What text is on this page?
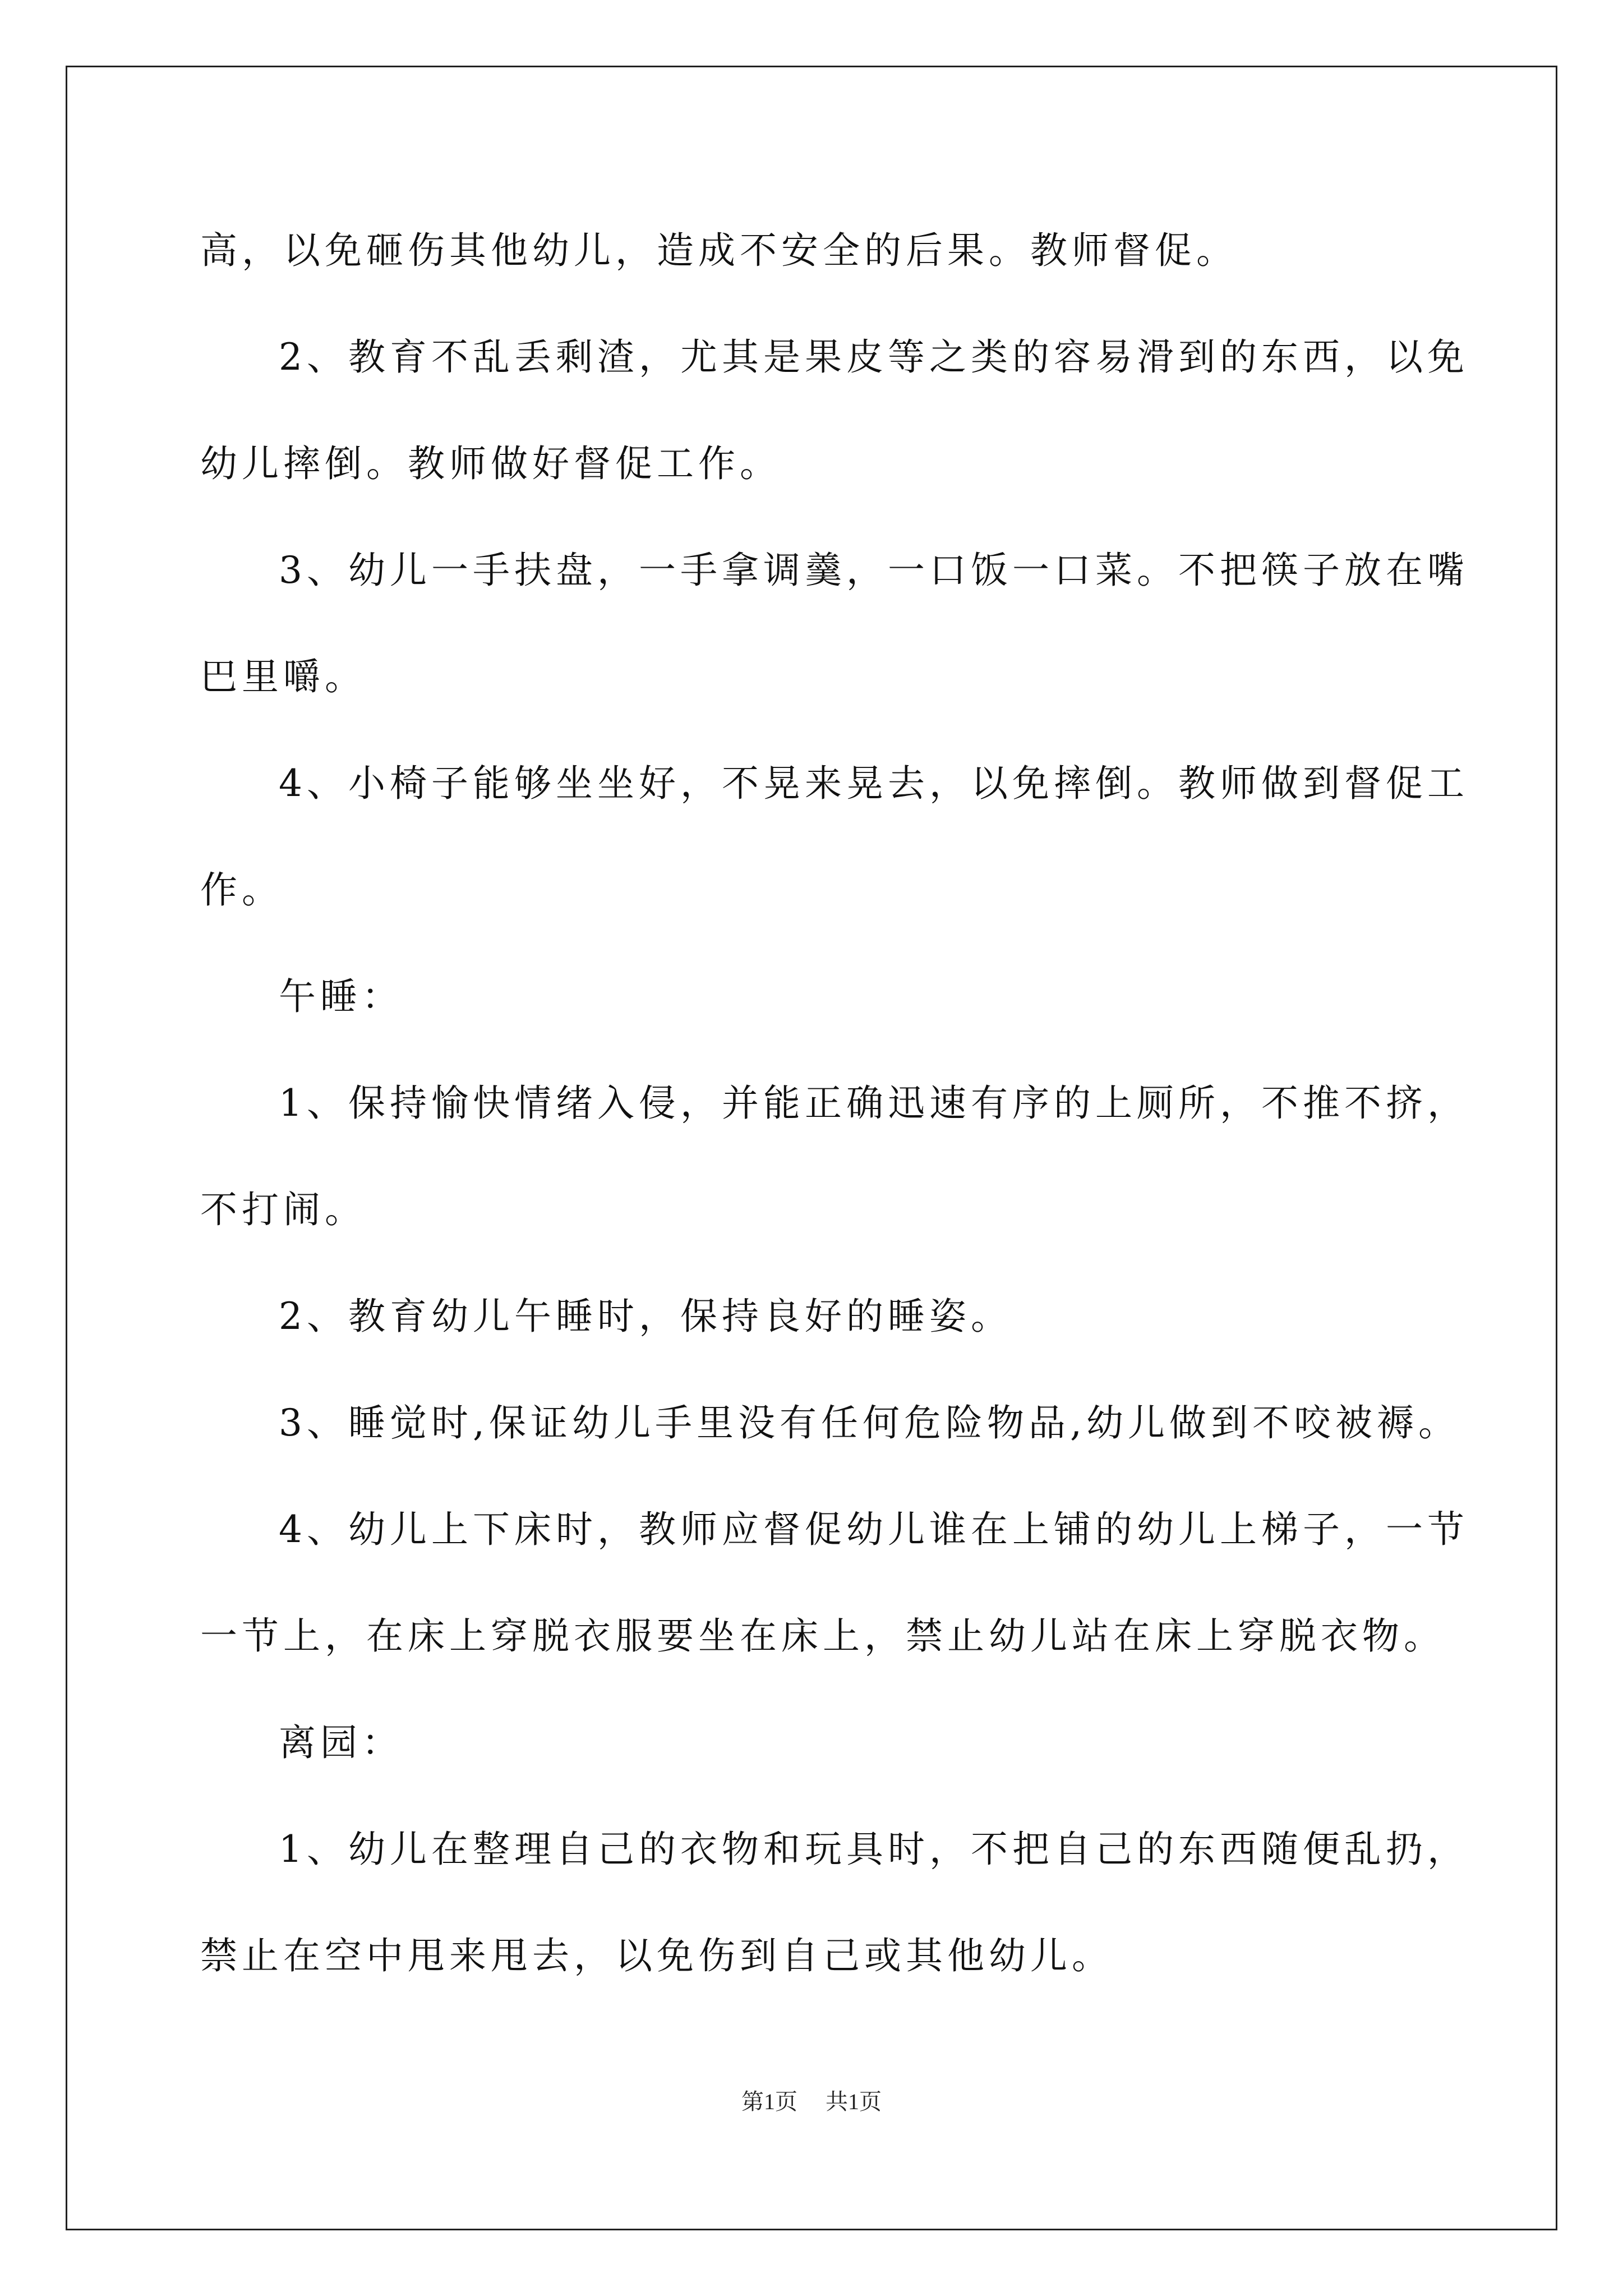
高，以免砸伤其他幼儿，造成不安全的后果。教师督促。
2、教育不乱丢剩渣，尤其是果皮等之类的容易滑到的东西，以免
幼儿摔倒。教师做好督促工作。
3、幼儿一手扶盘，一手拿调羹，一口饭一口菜。不把筷子放在嘴
巴里嚼。
4、小椅子能够坐坐好，不晃来晃去，以免摔倒。教师做到督促工
作。
午睡：
1、保持愉快情绪入侵，并能正确迅速有序的上厕所，不推不挤，
不打闹。
2、教育幼儿午睡时，保持良好的睡姿。
3、睡觉时,保证幼儿手里没有任何危险物品,幼儿做到不咬被褥。
4、幼儿上下床时，教师应督促幼儿谁在上铺的幼儿上梯子，一节
一节上，在床上穿脱衣服要坐在床上，禁止幼儿站在床上穿脱衣物。
离园：
1、幼儿在整理自己的衣物和玩具时，不把自己的东西随便乱扔，
禁止在空中甩来甩去，以免伤到自己或其他幼儿。
第1页 共1页
